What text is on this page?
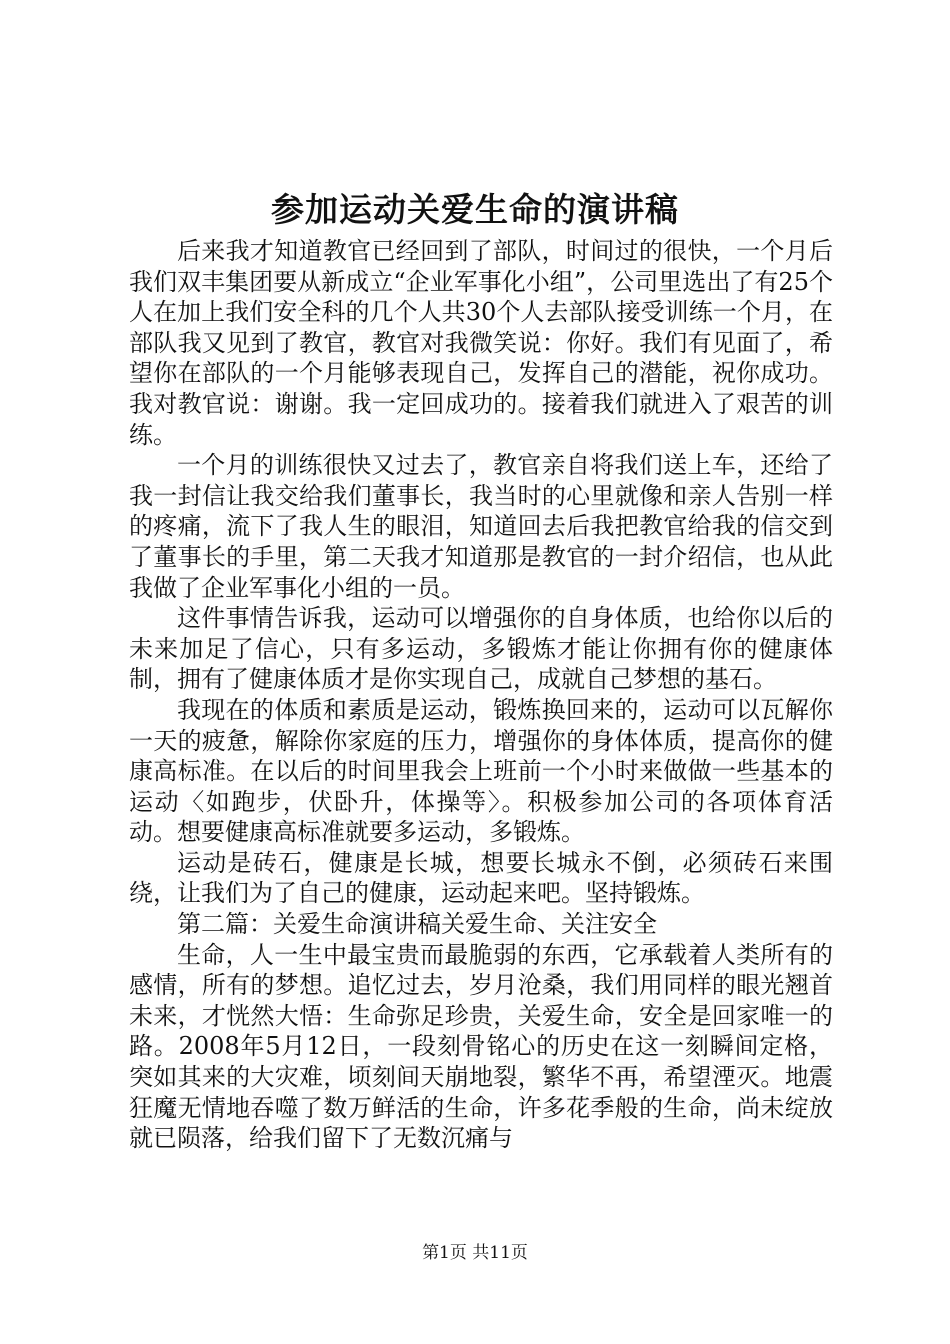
参加运动关爱生命的演讲稿

后来我才知道教官已经回到了部队，时间过的很快，一个月后我们双丰集团要从新成立“企业军事化小组”，公司里选出了有25个人在加上我们安全科的几个人共30个人去部队接受训练一个月，在部队我又见到了教官，教官对我微笑说：你好。我们有见面了，希望你在部队的一个月能够表现自己，发挥自己的潜能，祝你成功。我对教官说：谢谢。我一定回成功的。接着我们就进入了艰苦的训练。

一个月的训练很快又过去了，教官亲自将我们送上车，还给了我一封信让我交给我们董事长，我当时的心里就像和亲人告别一样的疼痛，流下了我人生的眼泪，知道回去后我把教官给我的信交到了董事长的手里，第二天我才知道那是教官的一封介绍信，也从此我做了企业军事化小组的一员。

这件事情告诉我，运动可以增强你的自身体质，也给你以后的未来加足了信心，只有多运动，多锻炼才能让你拥有你的健康体制，拥有了健康体质才是你实现自己，成就自己梦想的基石。

我现在的体质和素质是运动，锻炼换回来的，运动可以瓦解你一天的疲惫，解除你家庭的压力，增强你的身体体质，提高你的健康高标准。在以后的时间里我会上班前一个小时来做做一些基本的运动〈如跑步，伏卧升，体操等〉。积极参加公司的各项体育活动。想要健康高标准就要多运动，多锻炼。

运动是砖石，健康是长城，想要长城永不倒，必须砖石来围绕，让我们为了自己的健康，运动起来吧。坚持锻炼。

第二篇：关爱生命演讲稿关爱生命、关注安全

生命，人一生中最宝贵而最脆弱的东西，它承载着人类所有的感情，所有的梦想。追忆过去，岁月沧桑，我们用同样的眼光翘首未来，才恍然大悟：生命弥足珍贵，关爱生命，安全是回家唯一的路。2008年5月12日，一段刻骨铭心的历史在这一刻瞬间定格，突如其来的大灾难，顷刻间天崩地裂，繁华不再，希望湮灭。地震狂魔无情地吞噬了数万鲜活的生命，许多花季般的生命，尚未绽放就已陨落，给我们留下了无数沉痛与

第1页 共11页
